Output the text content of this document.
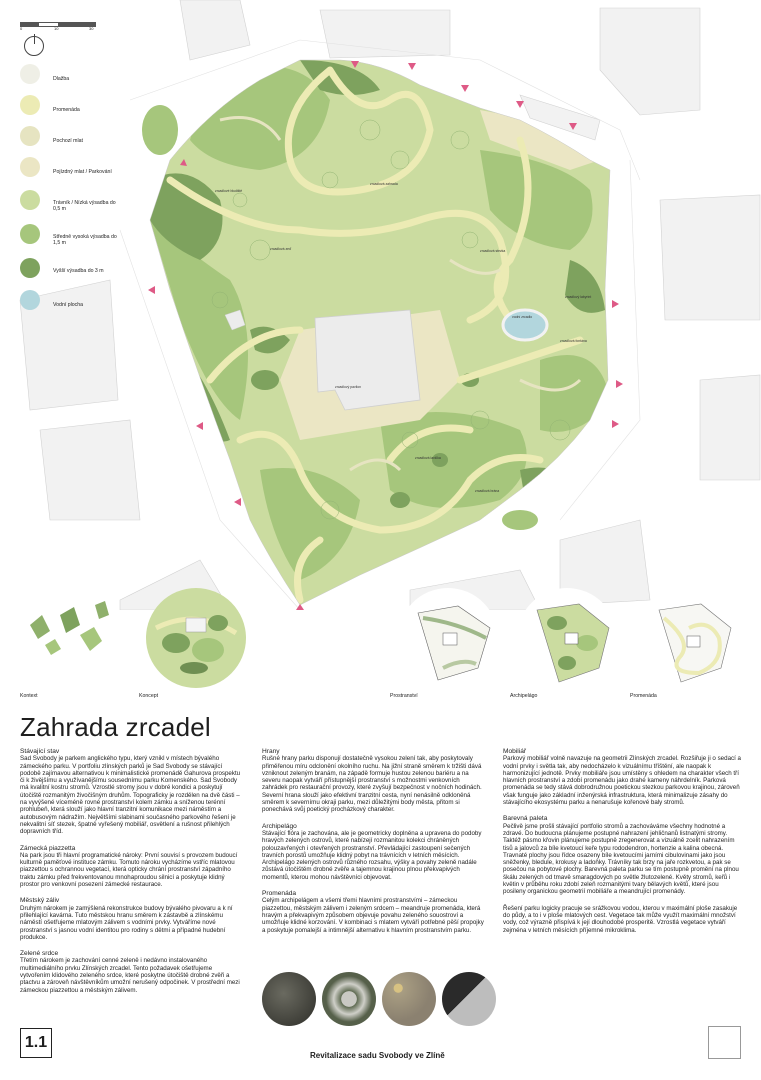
zrcadlové bludiště
zrcadlová zahrada
zrcadlová zeď	zrcadlová stezka
zrcadlový pavilon
vodní zrcadlo
zrcadlový labyrint
zrcadlová brána
zrcadlová fontána
zrcadlová lavička
0	10	30
Dlažba
Promenáda
Pochozí mlat
Pojízdný mlat / Parkování
Trávník / Nízká výsadba do 0,5 m
Středně vysoká výsadba do 1,5 m
Vyšší výsadba do 3 m
Vodní plocha
Kontext	Koncept	Prostranství	Archipelágo	Promenáda
Zahrada zrcadel
Stávající stav

Sad Svobody je parkem anglického typu, který vznikl v místech bývalého zámeckého parku. V portfoliu zlínských parků je Sad Svobody se stávající podobě zajímavou alternativou k minimalistické promenádě Gahurova prospektu či k živějšímu a využívanějšímu sousednímu parku Komenského. Sad Svobody má kvalitní kostru stromů. Vzrostlé stromy jsou v dobré kondici a poskytují útočiště rozmanitým živočišným druhům. Topograficky je rozdělen na dvě části – na vyvýšené víceméně rovné prostranství kolem zámku a sníženou terénní prohlubeň, která slouží jako hlavní tranzitní komunikace mezi náměstím a autobusovým nádražím. Největšími slabinami současného parkového řešení je nekvalitní síť stezek, špatně vyřešený mobiliář, osvětlení a rušnost přilehlých dopravních tříd.

Zámecká piazzetta

Na park jsou tři hlavní programatické nároky: První souvisí s provozem budoucí kulturně paměťové instituce zámku. Tomuto nároku vycházíme vstříc mlatovou piazzettou s ochrannou vegetací, která opticky chrání prostranství západního traktu zámku před frekventovanou mnohaproudou silnicí a poskytuje klidný prostor pro venkovní posezení zámecké restaurace.

Městský záliv

Druhým nárokem je zamýšlená rekonstrukce budovy bývalého pivovaru a k ní přilehlající kavárna. Tuto městskou hranu směrem k zástavbě a zlínskému náměstí ošetřujeme mlatovým zálivem s vodními prvky. Vytváříme nové prostranství s jasnou vodní identitou pro rodiny s dětmi a případné hudební produkce.

Zelené srdce

Třetím nárokem je zachování cenné zeleně i nedávno instalovaného multimediálního prvku Zlínských zrcadel. Tento požadavek ošetřujeme vytvořením klidového zeleného srdce, které poskytne útočiště drobné zvěři a ptactvu a zároveň návštěvníkům umožní nerušený odpočinek. V prostřední mezi zámeckou piazzettou a městským zálivem.

Hrany

Rušné hrany parku disponují dostatečně vysokou zelení tak, aby poskytovaly přiměřenou míru odclonění okolního ruchu. Na jižní straně směrem k tržišti dává vzniknout zeleným branám, na západě formuje hustou zelenou bariéru a na severu naopak vytváří přístupnější prostranství s možnostmi venkovních zahrádek pro restaurační provozy, které zvyšují bezpečnost v nočních hodinách. Severní hrana slouží jako efektivní tranzitní cesta, nyní nenásilně odkloněná směrem k severnímu okraji parku, mezi důležitými body města, přitom si ponechává svůj poetický procházkový charakter.

Archipelágo

Stávající flóra je zachována, ale je geometricky doplněna a upravena do podoby hravých zelených ostrovů, které nabízejí rozmanitou kolekci chráněných polouzavřených i otevřených prostranství. Převládající zastoupení sečených travních porostů umožňuje klidný pobyt na trávnících v letních měsících. Archipelágo zelených ostrovů různého rozsahu, výšky a povahy zeleně nadále zůstává útočištěm drobné zvěře a tajemnou krajinou plnou překvapivých momentů, kterou mohou návštěvníci objevovat.

Promenáda

Celým archipelágem a všemi třemi hlavními prostranstvími – zámeckou piazzettou, městským zálivem i zeleným srdcem – meandruje promenáda, která hravým a překvapivým způsobem objevuje povahu zeleného souostroví a umožňuje klidné korzování. V kombinaci s mlatem vytváří potřebné pěší propojky a poskytuje pomalejší a intimnější alternativu k hlavním prostranstvím parku.

Mobiliář

Parkový mobiliář volně navazuje na geometrii Zlínských zrcadel. Rozšiřuje ji o sedací a vodní prvky i světla tak, aby nedocházelo k vizuálnímu tříštění, ale naopak k harmonizující jednotě. Prvky mobiliáře jsou umístěny s ohledem na charakter všech tří hlavních prostranství a zdobí promenádu jako drahé kameny náhrdelník. Parková promenáda se tedy stává dobrodružnou poetickou stezkou parkovou krajinou, zároveň však funguje jako základní inženýrská infrastruktura, která minimalizuje zásahy do stávajícího ekosystému parku a nenarušuje kořenové baly stromů.

Barevná paleta

Pečlivě jsme prošli stávající portfolio stromů a zachováváme všechny hodnotné a zdravé. Do budoucna plánujeme postupné nahrazení jehličnanů listnatými stromy. Taktéž pásmo křovin plánujeme postupně zregenerovat a vizuálně zcelit nahrazením tisů a jalovců za bíle kvetoucí keře typu rododendron, hortenzie a kalina obecná. Travnaté plochy jsou řídce osazeny bíle kvetoucími jarními cibulovinami jako jsou sněženky, bledule, krokusy a ladoňky. Trávníky tak brzy na jaře rozkvetou, a pak se posečou na pobytové plochy. Barevná paleta parku se tím postupně promění na plnou škálu zelených od tmavě smaragdových po světle žlutozelené. Květy stromů, keřů i květin v průběhu roku zdobí zeleň rozmanitými tvary bělavých květů, které jsou posileny organickou geometrií mobiliáře a meandrující promenády.

Řešení parku logicky pracuje se srážkovou vodou, kterou v maximální ploše zasakuje do půdy, a to i v ploše mlatových cest. Vegetace tak může využít maximální množství vody, což výrazně přispívá k její dlouhodobé prosperitě. Vzrostlá vegetace vytváří zejména v letních měsících příjemné mikroklima.

1.1
Revitalizace sadu Svobody ve Zlíně
